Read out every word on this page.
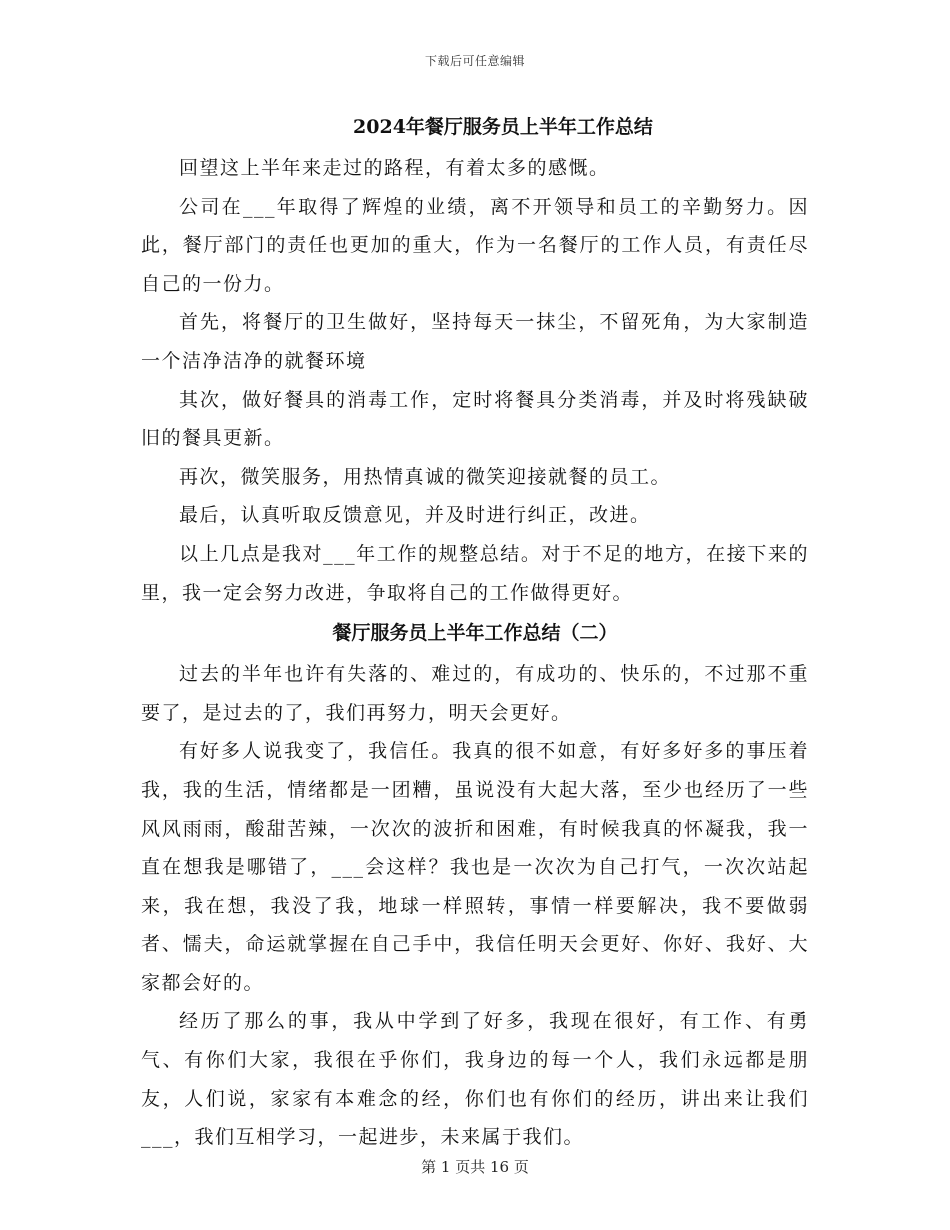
下载后可任意编辑
2024年餐厅服务员上半年工作总结

回望这上半年来走过的路程，有着太多的感慨。

公司在___年取得了辉煌的业绩，离不开领导和员工的辛勤努力。因此，餐厅部门的责任也更加的重大，作为一名餐厅的工作人员，有责任尽自己的一份力。

首先，将餐厅的卫生做好，坚持每天一抹尘，不留死角，为大家制造一个洁净洁净的就餐环境

其次，做好餐具的消毒工作，定时将餐具分类消毒，并及时将残缺破旧的餐具更新。

再次，微笑服务，用热情真诚的微笑迎接就餐的员工。

最后，认真听取反馈意见，并及时进行纠正，改进。

以上几点是我对___年工作的规整总结。对于不足的地方，在接下来的里，我一定会努力改进，争取将自己的工作做得更好。

餐厅服务员上半年工作总结（二）

过去的半年也许有失落的、难过的，有成功的、快乐的，不过那不重要了，是过去的了，我们再努力，明天会更好。

有好多人说我变了，我信任。我真的很不如意，有好多好多的事压着我，我的生活，情绪都是一团糟，虽说没有大起大落，至少也经历了一些风风雨雨，酸甜苦辣，一次次的波折和困难，有时候我真的怀凝我，我一直在想我是哪错了，___会这样？我也是一次次为自己打气，一次次站起来，我在想，我没了我，地球一样照转，事情一样要解决，我不要做弱者、懦夫，命运就掌握在自己手中，我信任明天会更好、你好、我好、大家都会好的。

经历了那么的事，我从中学到了好多，我现在很好，有工作、有勇气、有你们大家，我很在乎你们，我身边的每一个人，我们永远都是朋友，人们说，家家有本难念的经，你们也有你们的经历，讲出来让我们___，我们互相学习，一起进步，未来属于我们。

第 1 页共 16 页
